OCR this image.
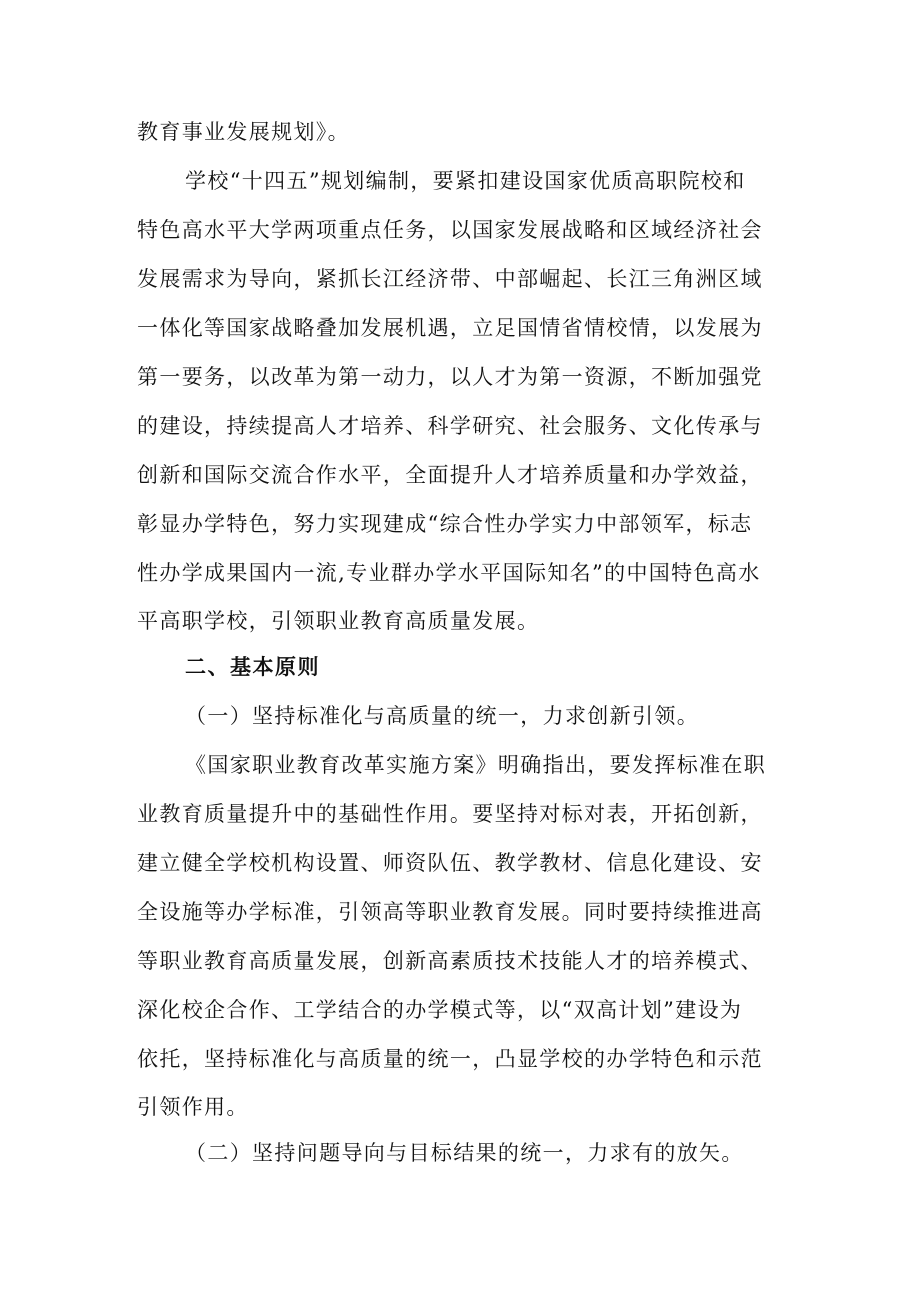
教育事业发展规划》。
学校“十四五”规划编制，要紧扣建设国家优质高职院校和
特色高水平大学两项重点任务，以国家发展战略和区域经济社会
发展需求为导向，紧抓长江经济带、中部崛起、长江三角洲区域
一体化等国家战略叠加发展机遇，立足国情省情校情，以发展为
第一要务，以改革为第一动力，以人才为第一资源，不断加强党
的建设，持续提高人才培养、科学研究、社会服务、文化传承与
创新和国际交流合作水平，全面提升人才培养质量和办学效益，
彰显办学特色，努力实现建成“综合性办学实力中部领军，标志
性办学成果国内一流,专业群办学水平国际知名”的中国特色高水
平高职学校，引领职业教育高质量发展。
二、基本原则
（一）坚持标准化与高质量的统一，力求创新引领。
《国家职业教育改革实施方案》明确指出，要发挥标准在职
业教育质量提升中的基础性作用。要坚持对标对表，开拓创新，
建立健全学校机构设置、师资队伍、教学教材、信息化建设、安
全设施等办学标准，引领高等职业教育发展。同时要持续推进高
等职业教育高质量发展，创新高素质技术技能人才的培养模式、
深化校企合作、工学结合的办学模式等，以“双高计划”建设为
依托，坚持标准化与高质量的统一，凸显学校的办学特色和示范
引领作用。
（二）坚持问题导向与目标结果的统一，力求有的放矢。
